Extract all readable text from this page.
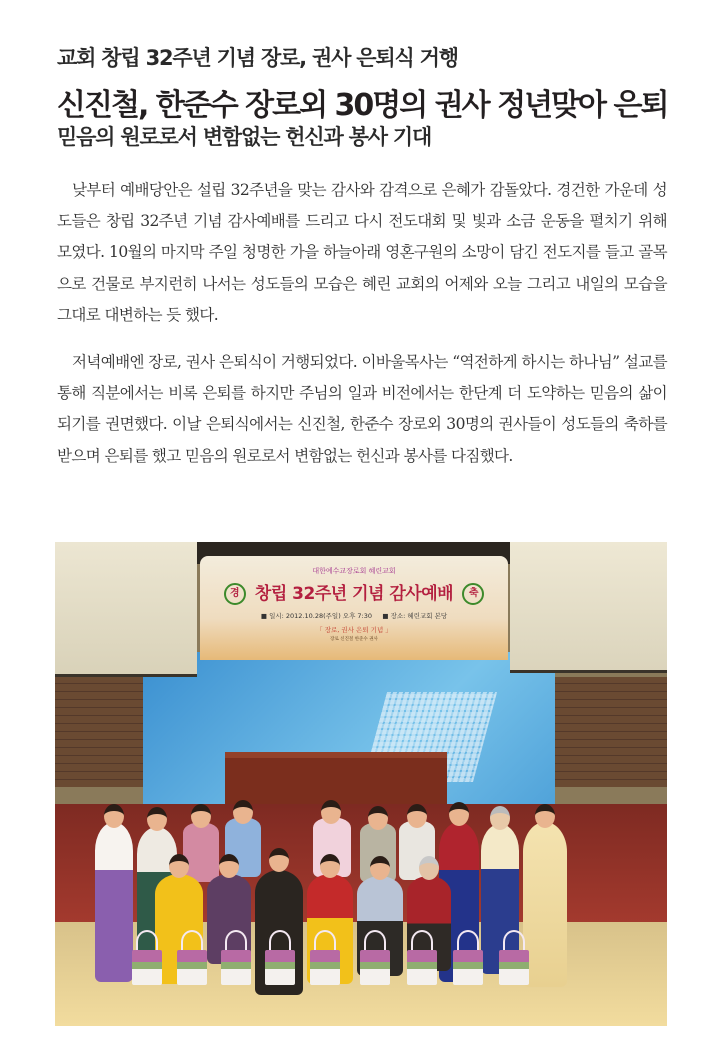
교회 창립 32주년 기념 장로, 권사 은퇴식 거행
신진철, 한준수 장로외 30명의 권사 정년맞아 은퇴
믿음의 원로로서 변함없는 헌신과 봉사 기대

낮부터 예배당안은 설립 32주년을 맞는 감사와 감격으로 은혜가 감돌았다. 경건한 가운데 성도들은 창립 32주년 기념 감사예배를 드리고 다시 전도대회 및 빛과 소금 운동을 펼치기 위해 모였다. 10월의 마지막 주일 청명한 가을 하늘아래 영혼구원의 소망이 담긴 전도지를 들고 골목으로 건물로 부지런히 나서는 성도들의 모습은 혜린 교회의 어제와 오늘 그리고 내일의 모습을 그대로 대변하는 듯 했다.

저녁예배엔 장로, 권사 은퇴식이 거행되었다. 이바울목사는 “역전하게 하시는 하나님” 설교를 통해 직분에서는 비록 은퇴를 하지만 주님의 일과 비전에서는 한단계 더 도약하는 믿음의 삶이 되기를 권면했다. 이날 은퇴식에서는 신진철, 한준수 장로외 30명의 권사들이 성도들의 축하를 받으며 은퇴를 했고 믿음의 원로로서 변함없는 헌신과 봉사를 다짐했다.

대한예수교장로회 혜린교회
경 창립 32주년 기념 감사예배 축
■ 일시: 2012.10.28(주일) 오후 7:30 ■ 장소: 혜린교회 본당
「 장로, 권사 은퇴 기념 」
장로 신진철 한준수 권사
